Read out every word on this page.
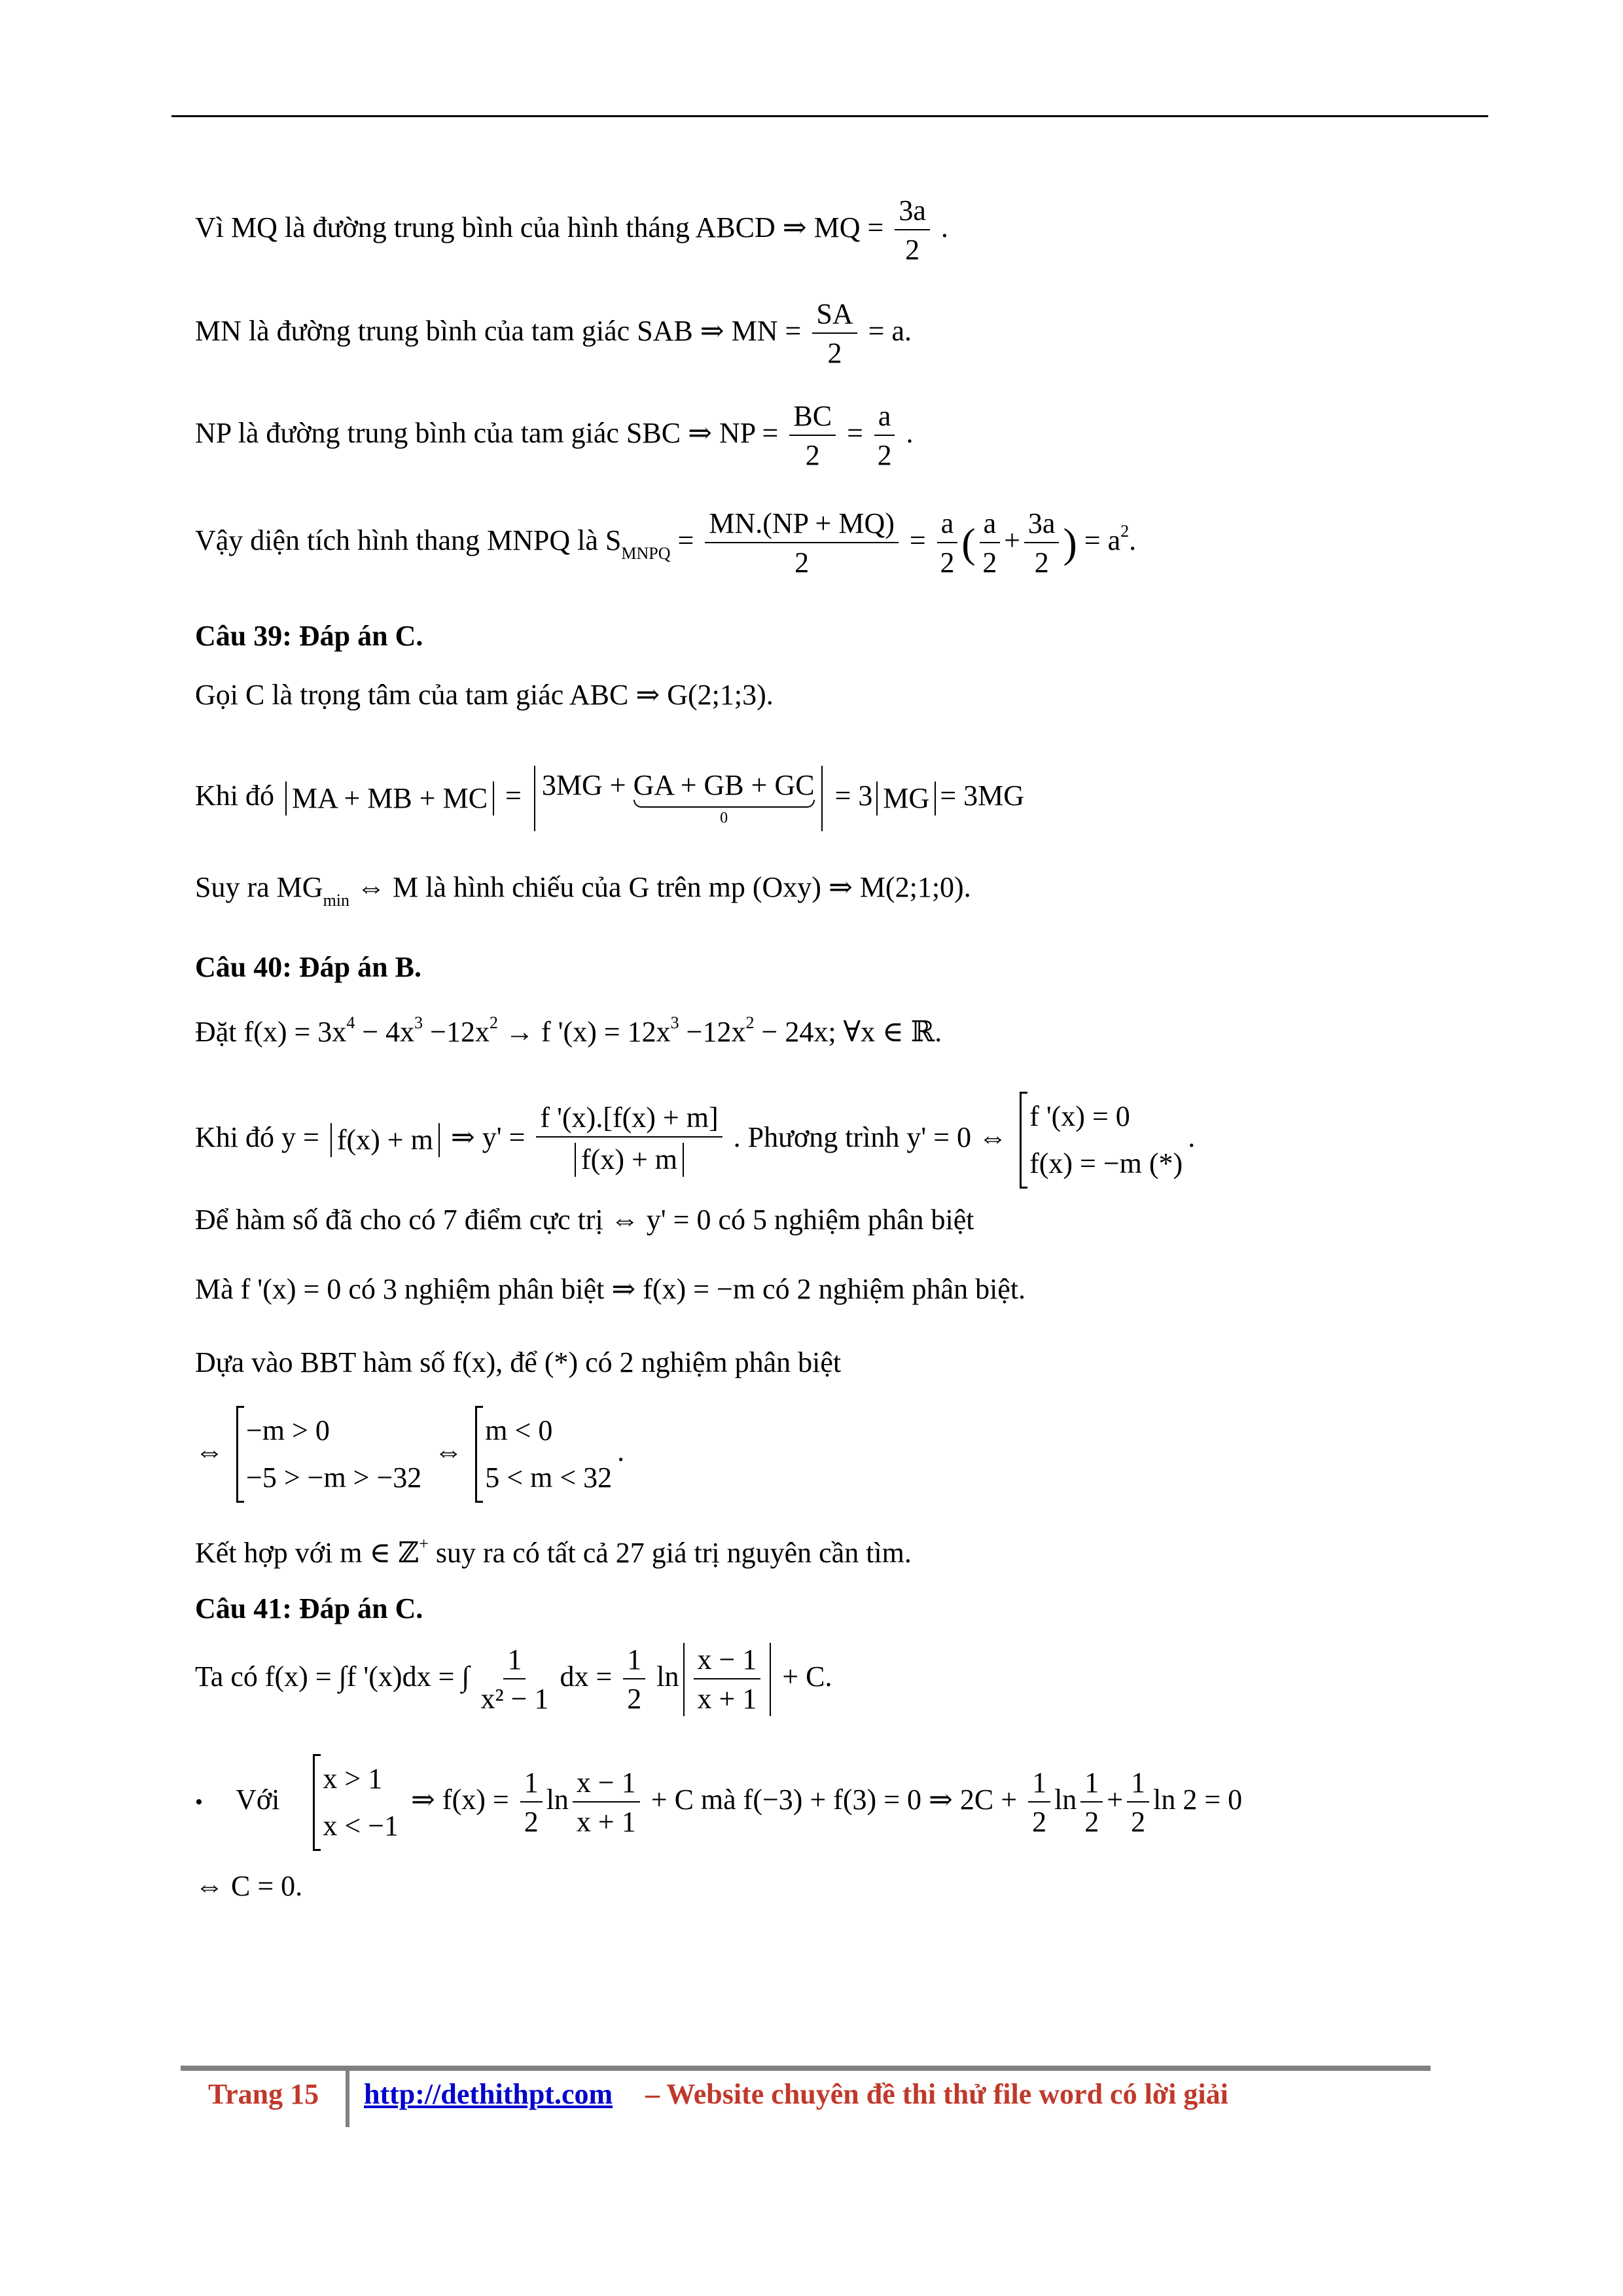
Vì MQ là đường trung bình của hình tháng ABCD ⇒ MQ = $\frac{3a}{2}$ .
MN là đường trung bình của tam giác SAB ⇒ MN = $\frac{SA}{2} = a$.
NP là đường trung bình của tam giác SBC ⇒ NP = $\frac{BC}{2} = \frac{a}{2}$ .
Vậy diện tích hình thang MNPQ là $S_{MNPQ} = \frac{MN.(NP + MQ)}{2} = \frac{a}{2}$ ( $\frac{a}{2} + \frac{3a}{2}$ ) = $a^2$.
Câu 39: Đáp án C.
Gọi C là trọng tâm của tam giác ABC ⇒ G(2;1;3).
Khi đó MA + MB + MC = 3MG + GA + GB + GC
0
= 3 MG = 3MG
Suy ra $MG_{min}$ ⇔ M là hình chiếu của G trên mp (Oxy) ⇒ M(2;1;0).
Câu 40: Đáp án B.
Đặt $f(x) = 3x^4 - 4x^3 -12x^2 \to f$ '$(x) = 12x^3 -12x^2 - 24x$; ∀x ∈ ℝ.
Khi đó y = f(x) + m ⇒ $y' = \frac{f '(x).[f(x) + m]}{f(x) + m}$ . Phương trình y' = 0 ⇔
f '(x) = 0
f(x) = −m (*)
.
Để hàm số đã cho có 7 điểm cực trị ⇔ y' = 0 có 5 nghiệm phân biệt
Mà f '(x) = 0 có 3 nghiệm phân biệt ⇒ f(x) = −m có 2 nghiệm phân biệt.
Dựa vào BBT hàm số f(x), để (*) có 2 nghiệm phân biệt
⇔
−m > 0
−5 > −m > −32
⇔
m < 0
5 < m < 32
.
Kết hợp với m ∈ ℤ+ suy ra có tất cả 27 giá trị nguyên cần tìm.
Câu 41: Đáp án C.
Ta có f(x) = ∫f '(x)dx = ∫ $\frac{1}{\text{x² − 1}}$ dx = $\frac{1}{2}$ $\ln \frac{x - 1}{x + 1} + C$.
• Với
x > 1
x < −1
⇒ $f(x) = \frac{1}{2}$ $\ln \frac{x - 1}{x + 1} + C$ mà f(−3) + f(3) = 0 ⇒ $2C + \frac{1}{2}$ $\ln \frac{1}{2} + \frac{1}{2}$ ln 2 = 0
⇔ C = 0.
Trang 15 http://dethithpt.com – Website chuyên đề thi thử file word có lời giải
